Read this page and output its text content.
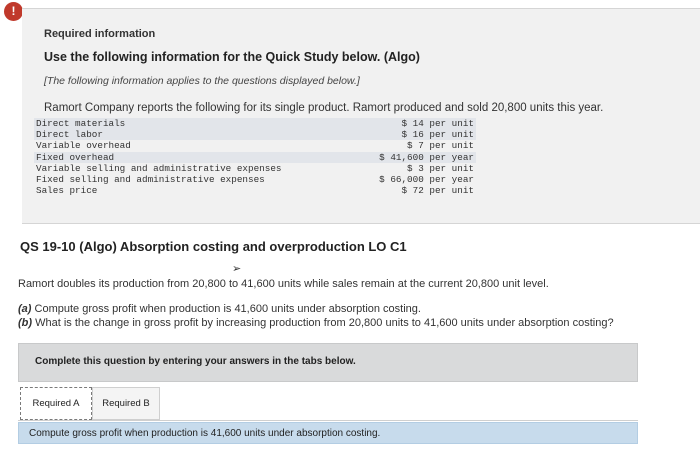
!
Required information
Use the following information for the Quick Study below. (Algo)
[The following information applies to the questions displayed below.]
Ramort Company reports the following for its single product. Ramort produced and sold 20,800 units this year.
Direct materials	$ 14 per unit
Direct labor	$ 16 per unit
Variable overhead	$ 7 per unit
Fixed overhead	$ 41,600 per year
Variable selling and administrative expenses	$ 3 per unit
Fixed selling and administrative expenses	$ 66,000 per year
Sales price	$ 72 per unit
QS 19-10 (Algo) Absorption costing and overproduction LO C1
➢
Ramort doubles its production from 20,800 to 41,600 units while sales remain at the current 20,800 unit level.
(a) Compute gross profit when production is 41,600 units under absorption costing.
(b) What is the change in gross profit by increasing production from 20,800 units to 41,600 units under absorption costing?
Complete this question by entering your answers in the tabs below.
Required A	Required B
Compute gross profit when production is 41,600 units under absorption costing.
